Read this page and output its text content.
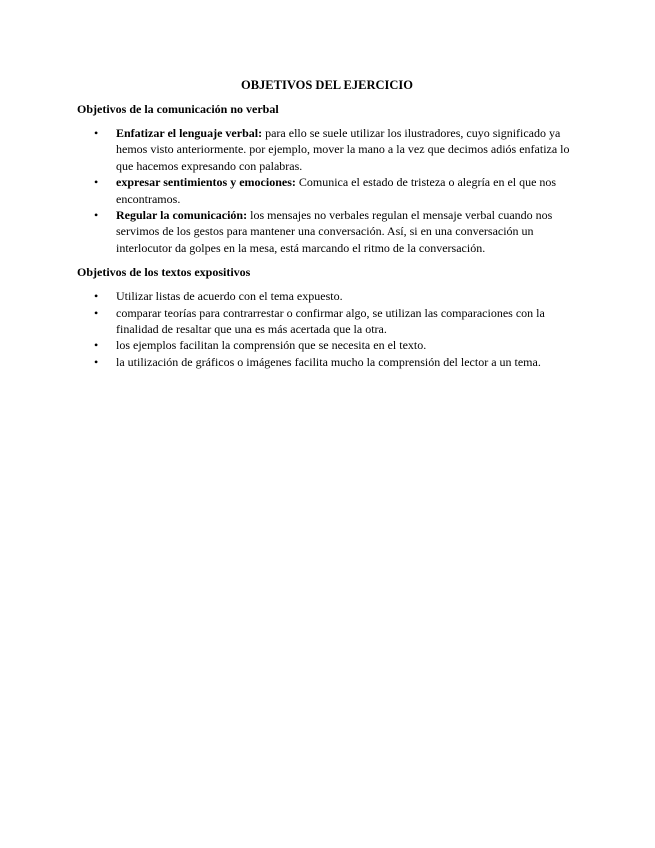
OBJETIVOS DEL EJERCICIO
Objetivos de la comunicación no verbal
• Enfatizar el lenguaje verbal: para ello se suele utilizar los ilustradores, cuyo significado ya hemos visto anteriormente. por ejemplo, mover la mano a la vez que decimos adiós enfatiza lo que hacemos expresando con palabras.
• expresar sentimientos y emociones: Comunica el estado de tristeza o alegría en el que nos encontramos.
• Regular la comunicación: los mensajes no verbales regulan el mensaje verbal cuando nos servimos de los gestos para mantener una conversación. Así, si en una conversación un interlocutor da golpes en la mesa, está marcando el ritmo de la conversación.
Objetivos de los textos expositivos
• Utilizar listas de acuerdo con el tema expuesto.
• comparar teorías para contrarrestar o confirmar algo, se utilizan las comparaciones con la finalidad de resaltar que una es más acertada que la otra.
• los ejemplos facilitan la comprensión que se necesita en el texto.
• la utilización de gráficos o imágenes facilita mucho la comprensión del lector a un tema.
